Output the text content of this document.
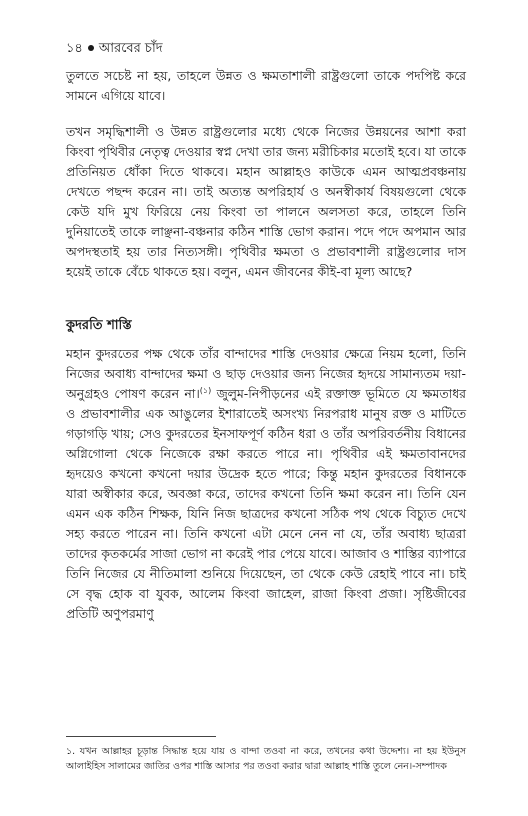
১৪ আরবের চাঁদ

তুলতে সচেষ্ট না হয়, তাহলে উন্নত ও ক্ষমতাশালী রাষ্ট্রগুলো তাকে পদপিষ্ট করে সামনে এগিয়ে যাবে।

তখন সমৃদ্ধিশালী ও উন্নত রাষ্ট্রগুলোর মধ্যে থেকে নিজের উন্নয়নের আশা করা কিংবা পৃথিবীর নেতৃত্ব দেওয়ার স্বপ্ন দেখা তার জন্য মরীচিকার মতোই হবে। যা তাকে প্রতিনিয়ত ধোঁকা দিতে থাকবে। মহান আল্লাহও কাউকে এমন আত্মপ্রবঞ্চনায় দেখতে পছন্দ করেন না। তাই অত্যন্ত অপরিহার্য ও অনস্বীকার্য বিষয়গুলো থেকে কেউ যদি মুখ ফিরিয়ে নেয় কিংবা তা পালনে অলসতা করে, তাহলে তিনি দুনিয়াতেই তাকে লাঞ্ছনা-বঞ্চনার কঠিন শাস্তি ভোগ করান। পদে পদে অপমান আর অপদস্থতাই হয় তার নিত্যসঙ্গী। পৃথিবীর ক্ষমতা ও প্রভাবশালী রাষ্ট্রগুলোর দাস হয়েই তাকে বেঁচে থাকতে হয়। বলুন, এমন জীবনের কীই-বা মূল্য আছে?

কুদরতি শাস্তি

মহান কুদরতের পক্ষ থেকে তাঁর বান্দাদের শাস্তি দেওয়ার ক্ষেত্রে নিয়ম হলো, তিনি নিজের অবাধ্য বান্দাদের ক্ষমা ও ছাড় দেওয়ার জন্য নিজের হৃদয়ে সামান্যতম দয়া-অনুগ্রহও পোষণ করেন না।$^{(১)}$ জুলুম-নিপীড়নের এই রক্তাক্ত ভূমিতে যে ক্ষমতাধর ও প্রভাবশালীর এক আঙুলের ইশারাতেই অসংখ্য নিরপরাধ মানুষ রক্ত ও মাটিতে গড়াগড়ি খায়; সেও কুদরতের ইনসাফপূর্ণ কঠিন ধরা ও তাঁর অপরিবর্তনীয় বিধানের অগ্নিগোলা থেকে নিজেকে রক্ষা করতে পারে না। পৃথিবীর এই ক্ষমতাবানদের হৃদয়েও কখনো কখনো দয়ার উদ্রেক হতে পারে; কিন্তু মহান কুদরতের বিধানকে যারা অস্বীকার করে, অবজ্ঞা করে, তাদের কখনো তিনি ক্ষমা করেন না। তিনি যেন এমন এক কঠিন শিক্ষক, যিনি নিজ ছাত্রদের কখনো সঠিক পথ থেকে বিচ্যুত দেখে সহ্য করতে পারেন না। তিনি কখনো এটা মেনে নেন না যে, তাঁর অবাধ্য ছাত্ররা তাদের কৃতকর্মের সাজা ভোগ না করেই পার পেয়ে যাবে। আজাব ও শাস্তির ব্যাপারে তিনি নিজের যে নীতিমালা শুনিয়ে দিয়েছেন, তা থেকে কেউ রেহাই পাবে না। চাই সে বৃদ্ধ হোক বা যুবক, আলেম কিংবা জাহেল, রাজা কিংবা প্রজা। সৃষ্টিজীবের প্রতিটি অণুপরমাণু

১. যখন আল্লাহর চূড়ান্ত সিদ্ধান্ত হয়ে যায় ও বান্দা তওবা না করে, তখনের কথা উদ্দেশ্য। না হয় ইউনুস আলাইহিস সালামের জাতির ওপর শাস্তি আসার পর তওবা করার দ্বারা আল্লাহ শাস্তি তুলে নেন।-সম্পাদক
